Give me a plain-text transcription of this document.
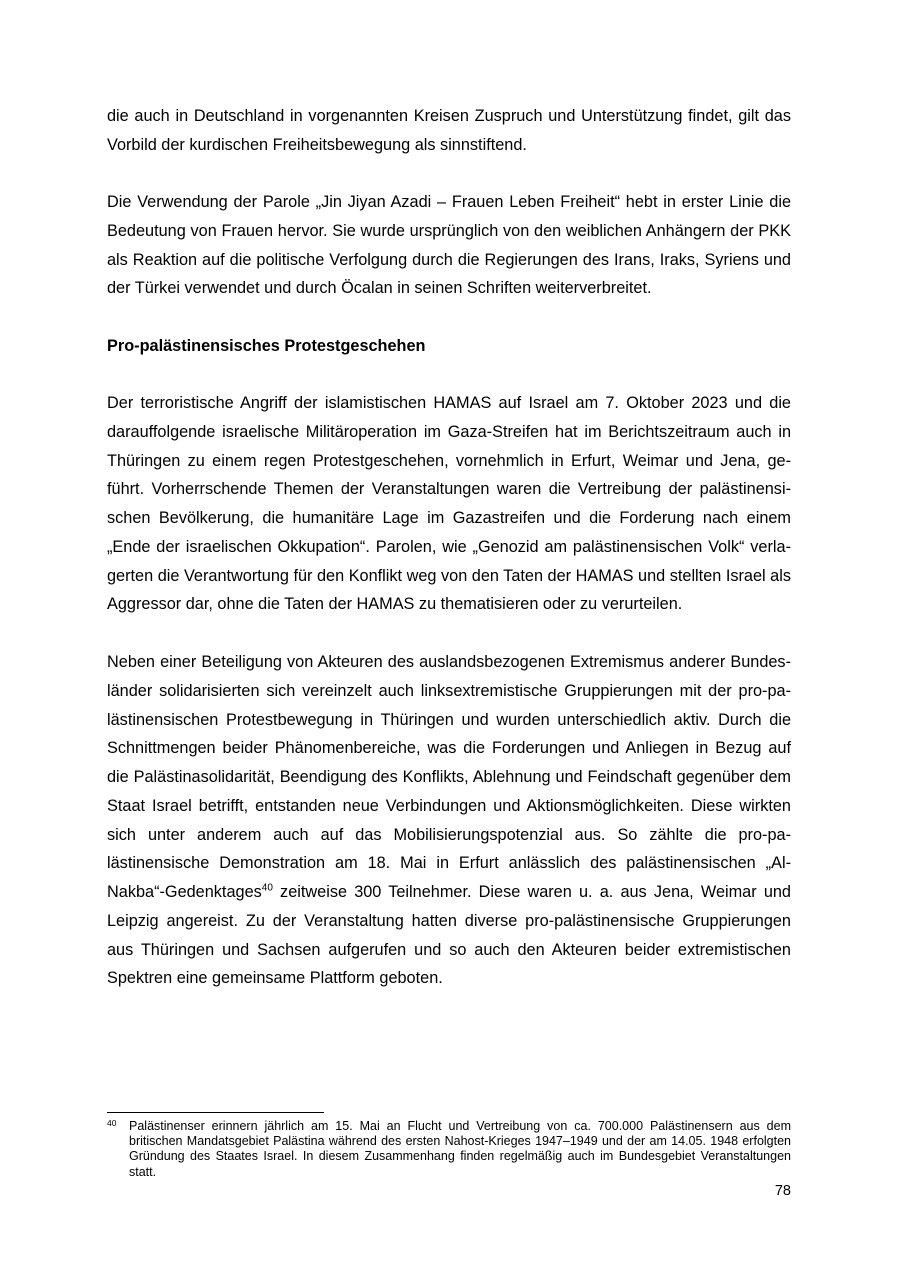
die auch in Deutschland in vorgenannten Kreisen Zuspruch und Unterstützung findet, gilt das Vorbild der kurdischen Freiheitsbewegung als sinnstiftend.

Die Verwendung der Parole „Jin Jiyan Azadi – Frauen Leben Freiheit“ hebt in erster Linie die Bedeutung von Frauen hervor. Sie wurde ursprünglich von den weiblichen Anhängern der PKK als Reaktion auf die politische Verfolgung durch die Regierungen des Irans, Iraks, Syriens und der Türkei verwendet und durch Öcalan in seinen Schriften weiterverbreitet.

Pro-palästinensisches Protestgeschehen

Der terroristische Angriff der islamistischen HAMAS auf Israel am 7. Oktober 2023 und die darauffolgende israelische Militäroperation im Gaza-Streifen hat im Berichtszeitraum auch in Thüringen zu einem regen Protestgeschehen, vornehmlich in Erfurt, Weimar und Jena, geführt. Vorherrschende Themen der Veranstaltungen waren die Vertreibung der palästinensischen Bevölkerung, die humanitäre Lage im Gazastreifen und die Forderung nach einem „Ende der israelischen Okkupation“. Parolen, wie „Genozid am palästinensischen Volk“ verlagerten die Verantwortung für den Konflikt weg von den Taten der HAMAS und stellten Israel als Aggressor dar, ohne die Taten der HAMAS zu thematisieren oder zu verurteilen.

Neben einer Beteiligung von Akteuren des auslandsbezogenen Extremismus anderer Bundesländer solidarisierten sich vereinzelt auch linksextremistische Gruppierungen mit der pro-palästinensischen Protestbewegung in Thüringen und wurden unterschiedlich aktiv. Durch die Schnittmengen beider Phänomenbereiche, was die Forderungen und Anliegen in Bezug auf die Palästinasolidarität, Beendigung des Konflikts, Ablehnung und Feindschaft gegenüber dem Staat Israel betrifft, entstanden neue Verbindungen und Aktionsmöglichkeiten. Diese wirkten sich unter anderem auch auf das Mobilisierungspotenzial aus. So zählte die pro-palästinensische Demonstration am 18. Mai in Erfurt anlässlich des palästinensischen „Al-Nakba“-Gedenktages$^{40}$ zeitweise 300 Teilnehmer. Diese waren u. a. aus Jena, Weimar und Leipzig angereist. Zu der Veranstaltung hatten diverse pro-palästinensische Gruppierungen aus Thüringen und Sachsen aufgerufen und so auch den Akteuren beider extremistischen Spektren eine gemeinsame Plattform geboten.

40 Palästinenser erinnern jährlich am 15. Mai an Flucht und Vertreibung von ca. 700.000 Palästinensern aus dem britischen Mandatsgebiet Palästina während des ersten Nahost-Krieges 1947–1949 und der am 14.05. 1948 erfolgten Gründung des Staates Israel. In diesem Zusammenhang finden regelmäßig auch im Bundesgebiet Veranstaltungen statt.
78
